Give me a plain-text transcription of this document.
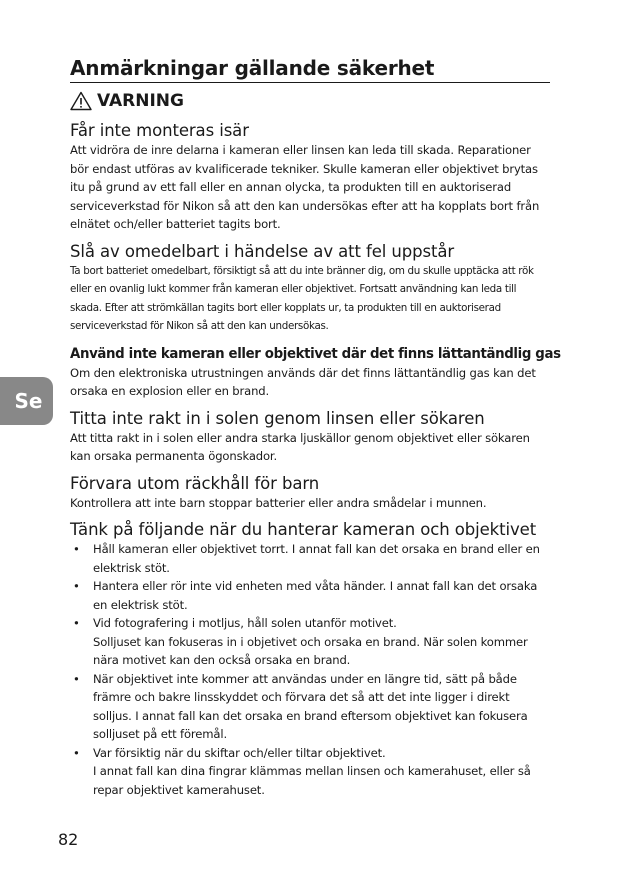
Se
Anmärkningar gällande säkerhet
VARNING
Får inte monteras isär

Att vidröra de inre delarna i kameran eller linsen kan leda till skada. Reparationer bör endast utföras av kvalificerade tekniker. Skulle kameran eller objektivet brytas itu på grund av ett fall eller en annan olycka, ta produkten till en auktoriserad serviceverkstad för Nikon så att den kan undersökas efter att ha kopplats bort från elnätet och/eller batteriet tagits bort.

Slå av omedelbart i händelse av att fel uppstår

Ta bort batteriet omedelbart, försiktigt så att du inte bränner dig, om du skulle upptäcka att rök eller en ovanlig lukt kommer från kameran eller objektivet. Fortsatt användning kan leda till skada. Efter att strömkällan tagits bort eller kopplats ur, ta produkten till en auktoriserad serviceverkstad för Nikon så att den kan undersökas.

Använd inte kameran eller objektivet där det finns lättantändlig gas

Om den elektroniska utrustningen används där det finns lättantändlig gas kan det orsaka en explosion eller en brand.

Titta inte rakt in i solen genom linsen eller sökaren

Att titta rakt in i solen eller andra starka ljuskällor genom objektivet eller sökaren kan orsaka permanenta ögonskador.

Förvara utom räckhåll för barn

Kontrollera att inte barn stoppar batterier eller andra smådelar i munnen.

Tänk på följande när du hanterar kameran och objektivet
• Håll kameran eller objektivet torrt. I annat fall kan det orsaka en brand eller en elektrisk stöt.
• Hantera eller rör inte vid enheten med våta händer. I annat fall kan det orsaka en elektrisk stöt.
• Vid fotografering i motljus, håll solen utanför motivet.
Solljuset kan fokuseras in i objetivet och orsaka en brand. När solen kommer nära motivet kan den också orsaka en brand.
• När objektivet inte kommer att användas under en längre tid, sätt på både främre och bakre linsskyddet och förvara det så att det inte ligger i direkt solljus. I annat fall kan det orsaka en brand eftersom objektivet kan fokusera solljuset på ett föremål.
• Var försiktig när du skiftar och/eller tiltar objektivet.
I annat fall kan dina fingrar klämmas mellan linsen och kamerahuset, eller så repar objektivet kamerahuset.
82
